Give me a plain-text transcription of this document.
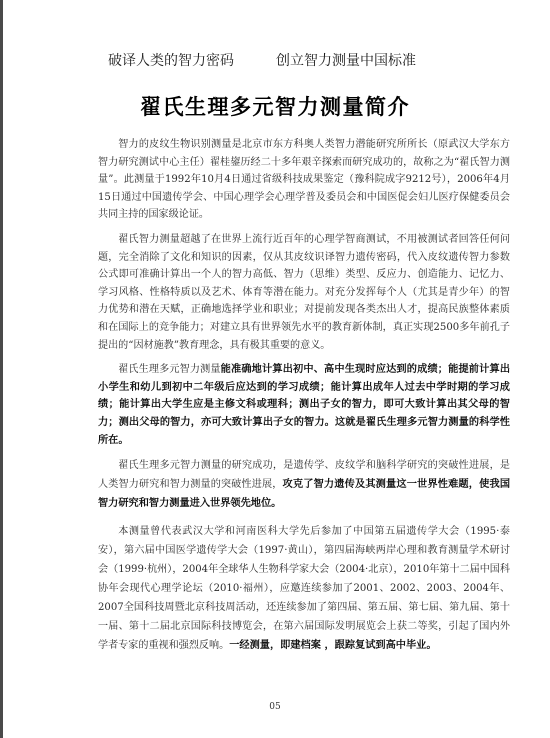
破译人类的智力密码	创立智力测量中国标准
翟氏生理多元智力测量简介

智力的皮纹生物识别测量是北京市东方科奥人类智力潜能研究所所长（原武汉大学东方智力研究测试中心主任）翟桂鋆历经二十多年艰辛探索而研究成功的，故称之为“翟氏智力测量”。此测量于1992年10月4日通过省级科技成果鉴定（豫科院成字9212号），2006年4月15日通过中国遗传学会、中国心理学会心理学普及委员会和中国医促会妇儿医疗保健委员会共同主持的国家级论证。

翟氏智力测量超越了在世界上流行近百年的心理学智商测试，不用被测试者回答任何问题，完全消除了文化和知识的因素，仅从其皮纹识译智力遗传密码，代入皮纹遗传智力参数公式即可准确计算出一个人的智力高低、智力（思维）类型、反应力、创造能力、记忆力、学习风格、性格特质以及艺术、体育等潜在能力。对充分发挥每个人（尤其是青少年）的智力优势和潜在天赋，正确地选择学业和职业；对提前发现各类杰出人才，提高民族整体素质和在国际上的竞争能力；对建立具有世界领先水平的教育新体制，真正实现2500多年前孔子提出的“因材施教”教育理念，具有极其重要的意义。

翟氏生理多元智力测量能准确地计算出初中、高中生现时应达到的成绩；能提前计算出小学生和幼儿到初中二年级后应达到的学习成绩；能计算出成年人过去中学时期的学习成绩；能计算出大学生应是主修文科或理科；测出子女的智力，即可大致计算出其父母的智力；测出父母的智力，亦可大致计算出子女的智力。这就是翟氏生理多元智力测量的科学性所在。

翟氏生理多元智力测量的研究成功，是遗传学、皮纹学和脑科学研究的突破性进展，是人类智力研究和智力测量的突破性进展，攻克了智力遗传及其测量这一世界性难题，使我国智力研究和智力测量进入世界领先地位。

本测量曾代表武汉大学和河南医科大学先后参加了中国第五届遗传学大会（1995·泰安），第六届中国医学遗传学大会（1997·黄山），第四届海峡两岸心理和教育测量学术研讨会（1999·杭州），2004年全球华人生物科学家大会（2004·北京），2010年第十二届中国科协年会现代心理学论坛（2010·福州），应邀连续参加了2001、2002、2003、2004年、2007全国科技周暨北京科技周活动，还连续参加了第四届、第五届、第七届、第九届、第十一届、第十二届北京国际科技博览会，在第六届国际发明展览会上获二等奖，引起了国内外学者专家的重视和强烈反响。一经测量，即建档案 ，跟踪复试到高中毕业。

05
